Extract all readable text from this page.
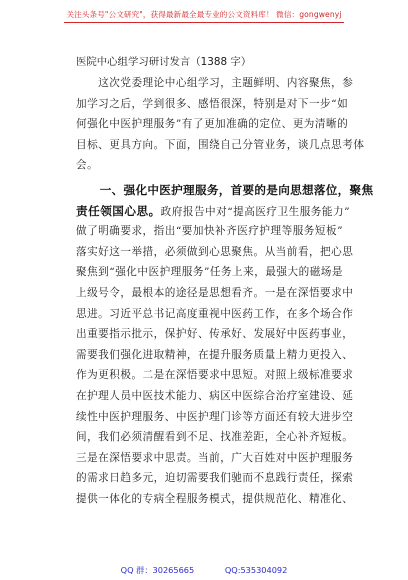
关注头条号"公文研究"，获得最新最全最专业的公文资料库！ 微信：gongwenyj
医院中心组学习研讨发言（1388 字）
　　这次党委理论中心组学习，主题鲜明、内容聚焦，参
加学习之后，学到很多、感悟很深，特别是对下一步“如
何强化中医护理服务”有了更加准确的定位、更为清晰的
目标、更具方向。下面，围绕自己分管业务，谈几点思考体
会。
　　一、强化中医护理服务，首要的是向思想落位，聚焦
责任领国心思。政府报告中对“提高医疗卫生服务能力”
做了明确要求，指出“要加快补齐医疗护理等服务短板”
落实好这一举措，必须做到心思聚焦。从当前看，把心思
聚焦到“强化中医护理服务”任务上来，最强大的磁场是
上级号令，最根本的途径是思想看齐。一是在深悟要求中
思进。习近平总书记高度重视中医药工作，在多个场合作
出重要指示批示，保护好、传承好、发展好中医药事业，
需要我们强化进取精神，在提升服务质量上精力更投入、
作为更积极。二是在深悟要求中思短。对照上级标准要求
在护理人员中医技术能力、病区中医综合治疗室建设、延
续性中医护理服务、中医护理门诊等方面还有较大进步空
间，我们必须清醒看到不足、找准差距，全心补齐短板。
三是在深悟要求中思责。当前，广大百姓对中医护理服务
的需求日趋多元，迫切需要我们驰而不息践行责任，探索
提供一体化的专病全程服务模式，提供规范化、精准化、
QQ 群：30265665	QQ:535304092
